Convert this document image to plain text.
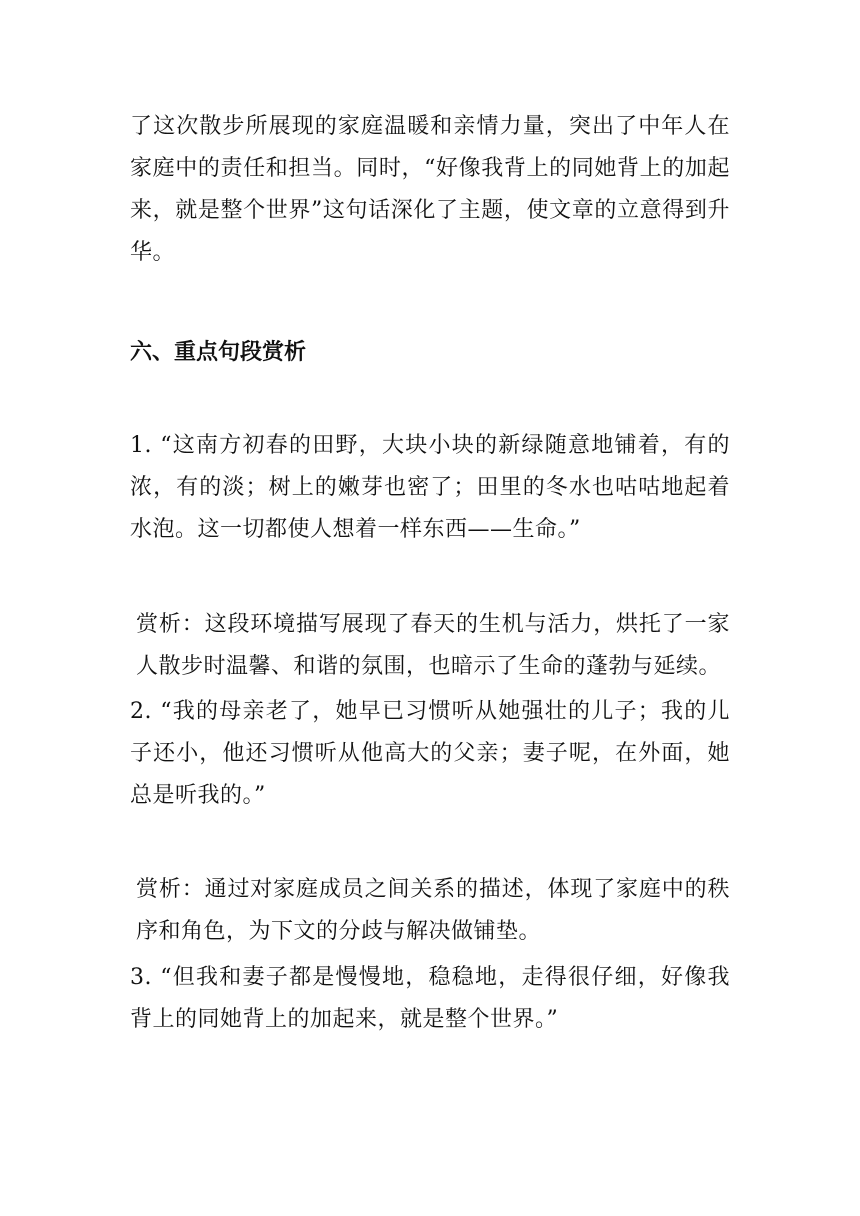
了这次散步所展现的家庭温暖和亲情力量，突出了中年人在家庭中的责任和担当。同时，“好像我背上的同她背上的加起来，就是整个世界”这句话深化了主题，使文章的立意得到升华。
六、重点句段赏析
1. “这南方初春的田野，大块小块的新绿随意地铺着，有的浓，有的淡；树上的嫩芽也密了；田里的冬水也咕咕地起着水泡。这一切都使人想着一样东西——生命。”
赏析：这段环境描写展现了春天的生机与活力，烘托了一家人散步时温馨、和谐的氛围，也暗示了生命的蓬勃与延续。
2. “我的母亲老了，她早已习惯听从她强壮的儿子；我的儿子还小，他还习惯听从他高大的父亲；妻子呢，在外面，她总是听我的。”
赏析：通过对家庭成员之间关系的描述，体现了家庭中的秩序和角色，为下文的分歧与解决做铺垫。
3. “但我和妻子都是慢慢地，稳稳地，走得很仔细，好像我背上的同她背上的加起来，就是整个世界。”
